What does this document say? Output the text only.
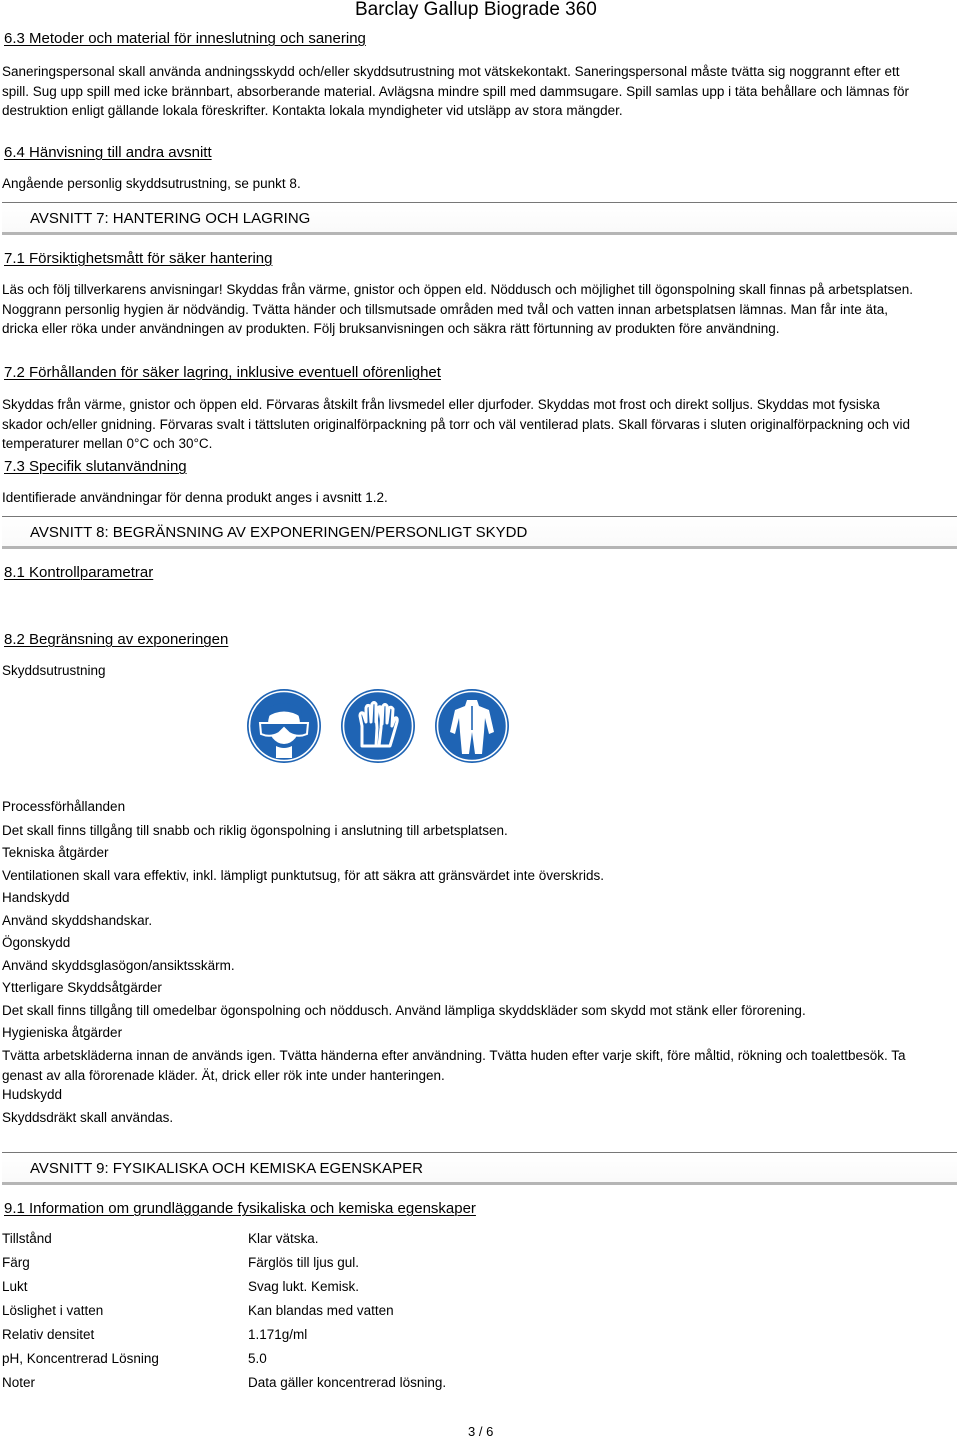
Barclay Gallup Biograde 360
6.3 Metoder och material för inneslutning och sanering

Saneringspersonal skall använda andningsskydd och/eller skyddsutrustning mot vätskekontakt. Saneringspersonal måste tvätta sig noggrannt efter ett spill. Sug upp spill med icke brännbart, absorberande material. Avlägsna mindre spill med dammsugare. Spill samlas upp i täta behållare och lämnas för destruktion enligt gällande lokala föreskrifter. Kontakta lokala myndigheter vid utsläpp av stora mängder.

6.4 Hänvisning till andra avsnitt
Angående personlig skyddsutrustning, se punkt 8.
AVSNITT 7: HANTERING OCH LAGRING
7.1 Försiktighetsmått för säker hantering

Läs och följ tillverkarens anvisningar! Skyddas från värme, gnistor och öppen eld. Nöddusch och möjlighet till ögonspolning skall finnas på arbetsplatsen. Noggrann personlig hygien är nödvändig. Tvätta händer och tillsmutsade områden med tvål och vatten innan arbetsplatsen lämnas. Man får inte äta, dricka eller röka under användningen av produkten. Följ bruksanvisningen och säkra rätt förtunning av produkten före användning.

7.2 Förhållanden för säker lagring, inklusive eventuell oförenlighet

Skyddas från värme, gnistor och öppen eld. Förvaras åtskilt från livsmedel eller djurfoder. Skyddas mot frost och direkt solljus. Skyddas mot fysiska skador och/eller gnidning. Förvaras svalt i tättsluten originalförpackning på torr och väl ventilerad plats. Skall förvaras i sluten originalförpackning och vid temperaturer mellan 0°C och 30°C.

7.3 Specifik slutanvändning
Identifierade användningar för denna produkt anges i avsnitt 1.2.
AVSNITT 8: BEGRÄNSNING AV EXPONERINGEN/PERSONLIGT SKYDD
8.1 Kontrollparametrar
8.2 Begränsning av exponeringen
Skyddsutrustning

Processförhållanden
Det skall finns tillgång till snabb och riklig ögonspolning i anslutning till arbetsplatsen.
Tekniska åtgärder
Ventilationen skall vara effektiv, inkl. lämpligt punktutsug, för att säkra att gränsvärdet inte överskrids.
Handskydd
Använd skyddshandskar.
Ögonskydd
Använd skyddsglasögon/ansiktsskärm.
Ytterligare Skyddsåtgärder
Det skall finns tillgång till omedelbar ögonspolning och nöddusch. Använd lämpliga skyddskläder som skydd mot stänk eller förorening.
Hygieniska åtgärder

Tvätta arbetskläderna innan de används igen. Tvätta händerna efter användning. Tvätta huden efter varje skift, före måltid, rökning och toalettbesök. Ta genast av alla förorenade kläder. Ät, drick eller rök inte under hanteringen.

Hudskydd
Skyddsdräkt skall användas.
AVSNITT 9: FYSIKALISKA OCH KEMISKA EGENSKAPER
9.1 Information om grundläggande fysikaliska och kemiska egenskaper
Tillstånd	Klar vätska.
Färg	Färglös till ljus gul.
Lukt	Svag lukt. Kemisk.
Löslighet i vatten	Kan blandas med vatten
Relativ densitet	1.171g/ml
pH, Koncentrerad Lösning	5.0
Noter	Data gäller koncentrerad lösning.
3 / 6
